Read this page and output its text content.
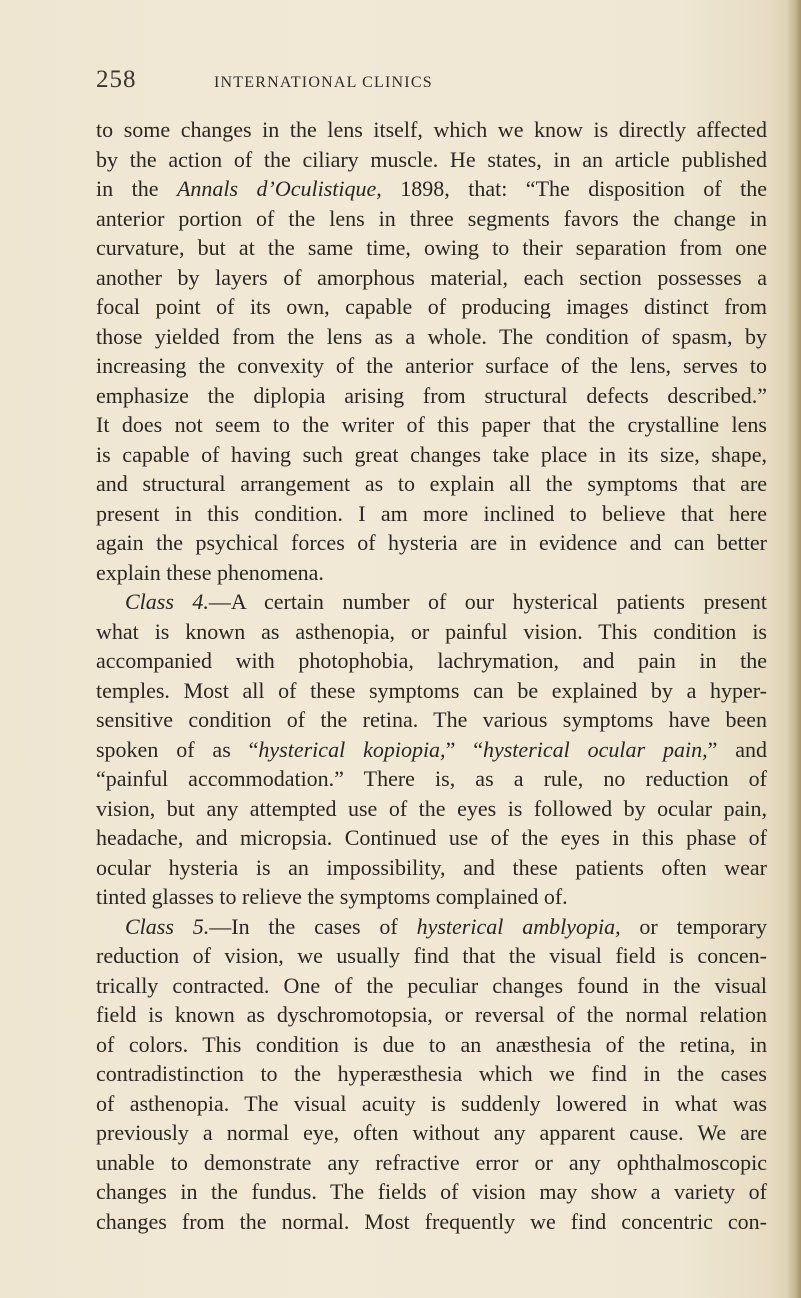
258	INTERNATIONAL CLINICS
to some changes in the lens itself, which we know is directly affected
by the action of the ciliary muscle. He states, in an article published
in the Annals d’Oculistique, 1898, that: “The disposition of the
anterior portion of the lens in three segments favors the change in
curvature, but at the same time, owing to their separation from one
another by layers of amorphous material, each section possesses a
focal point of its own, capable of producing images distinct from
those yielded from the lens as a whole. The condition of spasm, by
increasing the convexity of the anterior surface of the lens, serves to
emphasize the diplopia arising from structural defects described.”
It does not seem to the writer of this paper that the crystalline lens
is capable of having such great changes take place in its size, shape,
and structural arrangement as to explain all the symptoms that are
present in this condition. I am more inclined to believe that here
again the psychical forces of hysteria are in evidence and can better
explain these phenomena.
Class 4.—A certain number of our hysterical patients present
what is known as asthenopia, or painful vision. This condition is
accompanied with photophobia, lachrymation, and pain in the
temples. Most all of these symptoms can be explained by a hyper-
sensitive condition of the retina. The various symptoms have been
spoken of as “hysterical kopiopia,” “hysterical ocular pain,” and
“painful accommodation.” There is, as a rule, no reduction of
vision, but any attempted use of the eyes is followed by ocular pain,
headache, and micropsia. Continued use of the eyes in this phase of
ocular hysteria is an impossibility, and these patients often wear
tinted glasses to relieve the symptoms complained of.
Class 5.—In the cases of hysterical amblyopia, or temporary
reduction of vision, we usually find that the visual field is concen-
trically contracted. One of the peculiar changes found in the visual
field is known as dyschromotopsia, or reversal of the normal relation
of colors. This condition is due to an anæsthesia of the retina, in
contradistinction to the hyperæsthesia which we find in the cases
of asthenopia. The visual acuity is suddenly lowered in what was
previously a normal eye, often without any apparent cause. We are
unable to demonstrate any refractive error or any ophthalmoscopic
changes in the fundus. The fields of vision may show a variety of
changes from the normal. Most frequently we find concentric con-
